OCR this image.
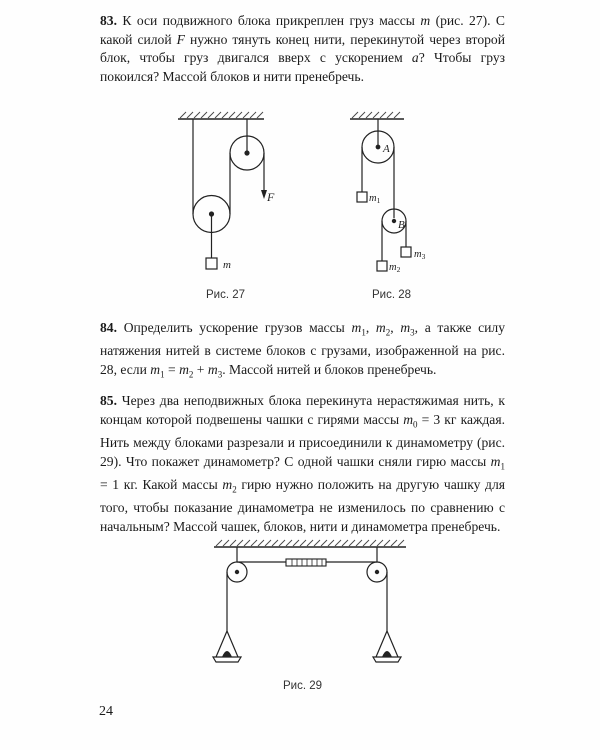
83. К оси подвижного блока прикреплен груз массы m (рис. 27). С какой силой F нужно тянуть конец нити, перекинутой через второй блок, чтобы груз двигался вверх с ускорением a? Чтобы груз покоился? Массой блоков и нити пренебречь.
F
m
Рис. 27
A
B
m1
m2
m3
Рис. 28
84. Определить ускорение грузов массы $m_1$, $m_2$, $m_3$, а также силу натяжения нитей в системе блоков с грузами, изображенной на рис. 28, если $m_1 = m_2 + m_3$. Массой нитей и блоков пренебречь.
85. Через два неподвижных блока перекинута нерастяжимая нить, к концам которой подвешены чашки с гирями массы $m_0 = 3$ кг каждая. Нить между блоками разрезали и присоединили к динамометру (рис. 29). Что покажет динамометр? С одной чашки сняли гирю массы $m_1 = 1$ кг. Какой массы $m_2$ гирю нужно положить на другую чашку для того, чтобы показание динамометра не изменилось по сравнению с начальным? Массой чашек, блоков, нити и динамометра пренебречь.
Рис. 29
24
